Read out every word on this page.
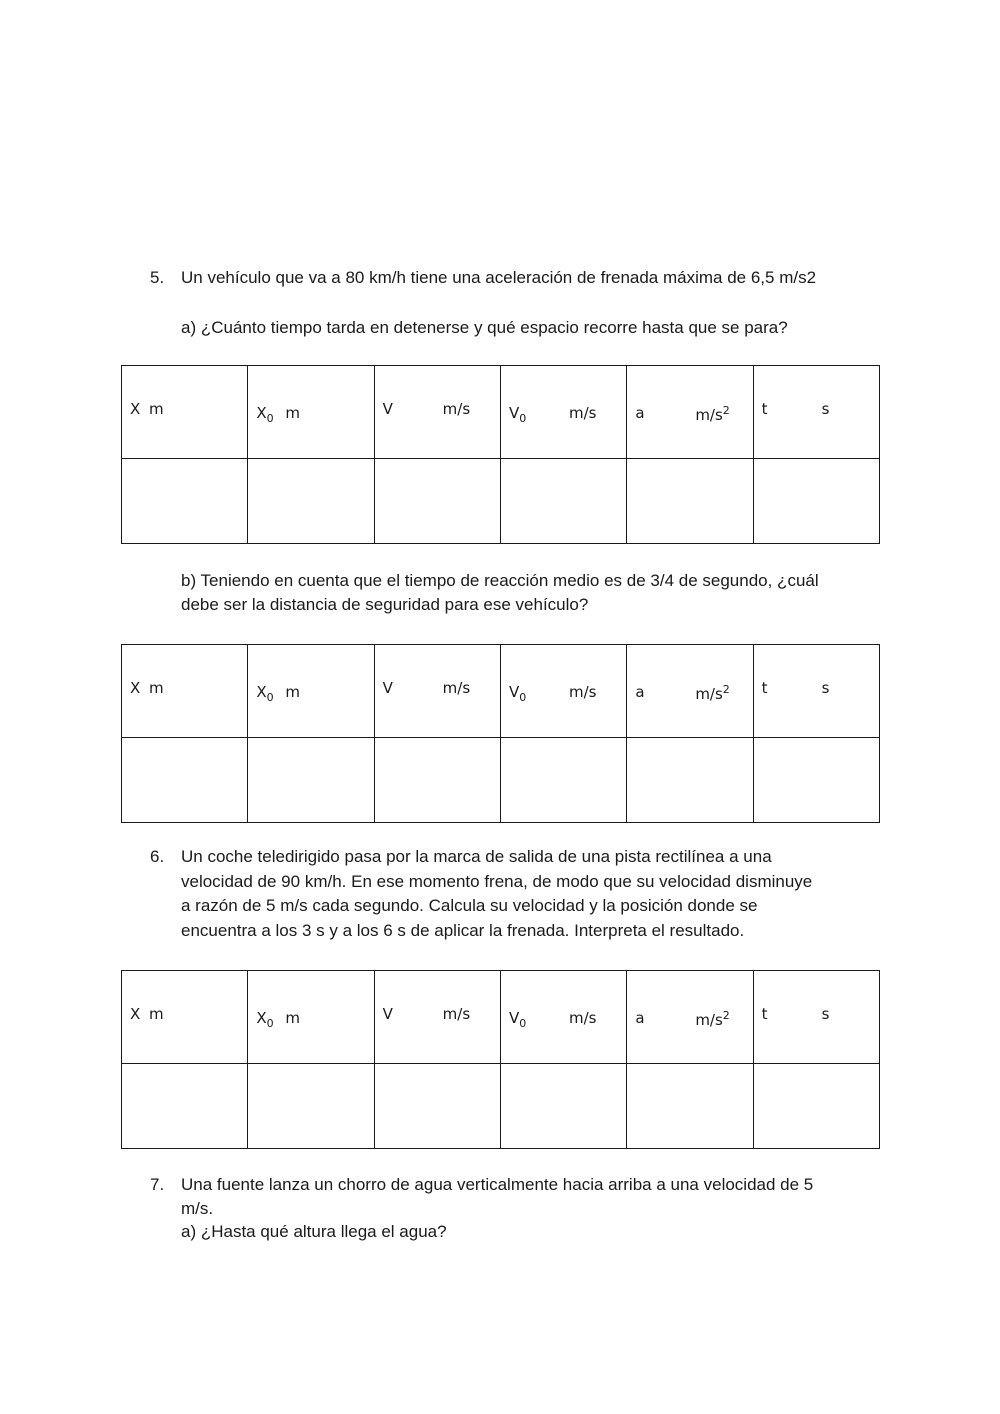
5. Un vehículo que va a 80 km/h tiene una aceleración de frenada máxima de 6,5 m/s2
a) ¿Cuánto tiempo tarda en detenerse y qué espacio recorre hasta que se para?
X m	$X_0$ m	V m/s	$V_0$ m/s	a $m/s^2$	t s

b) Teniendo en cuenta que el tiempo de reacción medio es de 3/4 de segundo, ¿cuál
debe ser la distancia de seguridad para ese vehículo?
X m	$X_0$ m	V m/s	$V_0$ m/s	a $m/s^2$	t s

6. Un coche teledirigido pasa por la marca de salida de una pista rectilínea a una
velocidad de 90 km/h. En ese momento frena, de modo que su velocidad disminuye
a razón de 5 m/s cada segundo. Calcula su velocidad y la posición donde se
encuentra a los 3 s y a los 6 s de aplicar la frenada. Interpreta el resultado.
X m	$X_0$ m	V m/s	$V_0$ m/s	a $m/s^2$	t s

7. Una fuente lanza un chorro de agua verticalmente hacia arriba a una velocidad de 5
m/s.
a) ¿Hasta qué altura llega el agua?
